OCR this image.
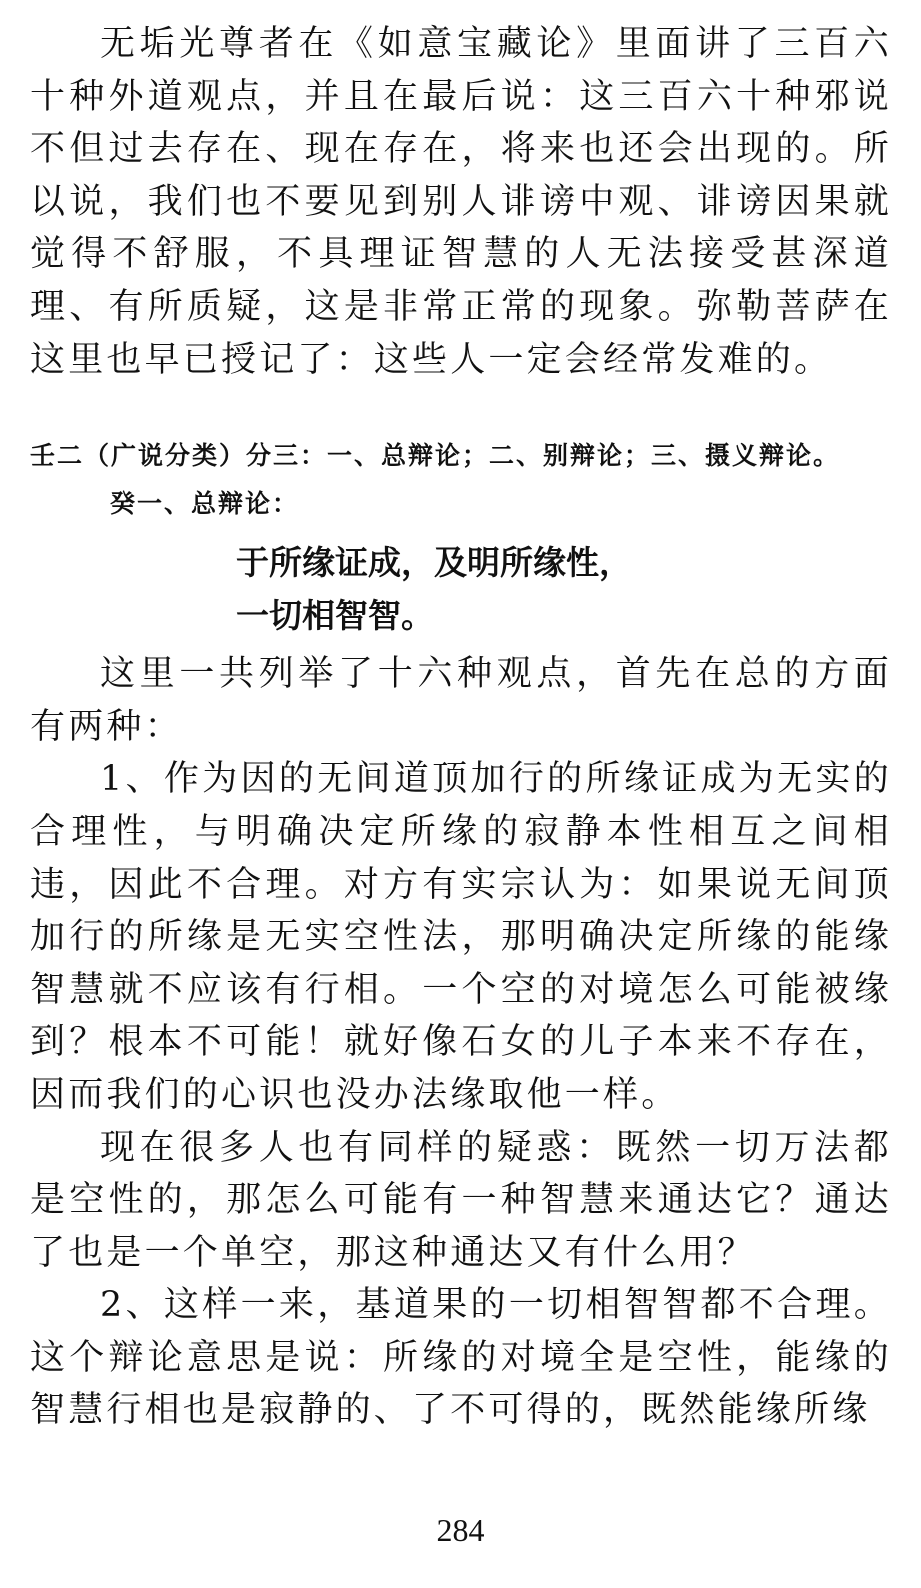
无垢光尊者在《如意宝藏论》里面讲了三百六十种外道观点，并且在最后说：这三百六十种邪说不但过去存在、现在存在，将来也还会出现的。所以说，我们也不要见到别人诽谤中观、诽谤因果就觉得不舒服，不具理证智慧的人无法接受甚深道理、有所质疑，这是非常正常的现象。弥勒菩萨在这里也早已授记了：这些人一定会经常发难的。

壬二（广说分类）分三：一、总辩论；二、别辩论；三、摄义辩论。

癸一、总辩论：

于所缘证成，及明所缘性，

一切相智智。

这里一共列举了十六种观点，首先在总的方面有两种：

1、作为因的无间道顶加行的所缘证成为无实的合理性，与明确决定所缘的寂静本性相互之间相违，因此不合理。对方有实宗认为：如果说无间顶加行的所缘是无实空性法，那明确决定所缘的能缘智慧就不应该有行相。一个空的对境怎么可能被缘到？根本不可能！就好像石女的儿子本来不存在，因而我们的心识也没办法缘取他一样。

现在很多人也有同样的疑惑：既然一切万法都是空性的，那怎么可能有一种智慧来通达它？通达了也是一个单空，那这种通达又有什么用？

2、这样一来，基道果的一切相智智都不合理。这个辩论意思是说：所缘的对境全是空性，能缘的智慧行相也是寂静的、了不可得的，既然能缘所缘

284
